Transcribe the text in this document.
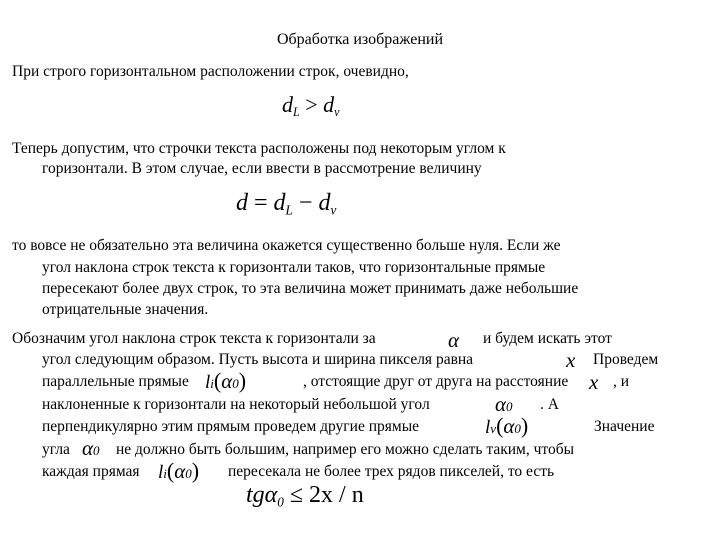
Обработка изображений
При строго горизонтальном расположении строк, очевидно,
$d_L > d_v$
Теперь допустим, что строчки текста расположены под некоторым углом к
горизонтали. В этом случае, если ввести в рассмотрение величину
$d = d_L - d_v$
то вовсе не обязательно эта величина окажется существенно больше нуля. Если же
угол наклона строк текста к горизонтали таков, что горизонтальные прямые
пересекают более двух строк, то эта величина может принимать даже небольшие
отрицательные значения.
Обозначим угол наклона строк текста к горизонтали за	α и будем искать этот
угол следующим образом. Пусть высота и ширина пикселя равна	x Проведем
параллельные прямые li(α0)	, отстоящие друг от друга на расстояние x , и
наклоненные к горизонтали на некоторый небольшой угол	α0 . А
перпендикулярно этим прямым проведем другие прямые	lv(α0)	Значение
угла α0 не должно быть большим, например его можно сделать таким, чтобы
каждая прямая li(α0) пересекала не более трех рядов пикселей, то есть
tgα$_0$ ≤ 2x / n
